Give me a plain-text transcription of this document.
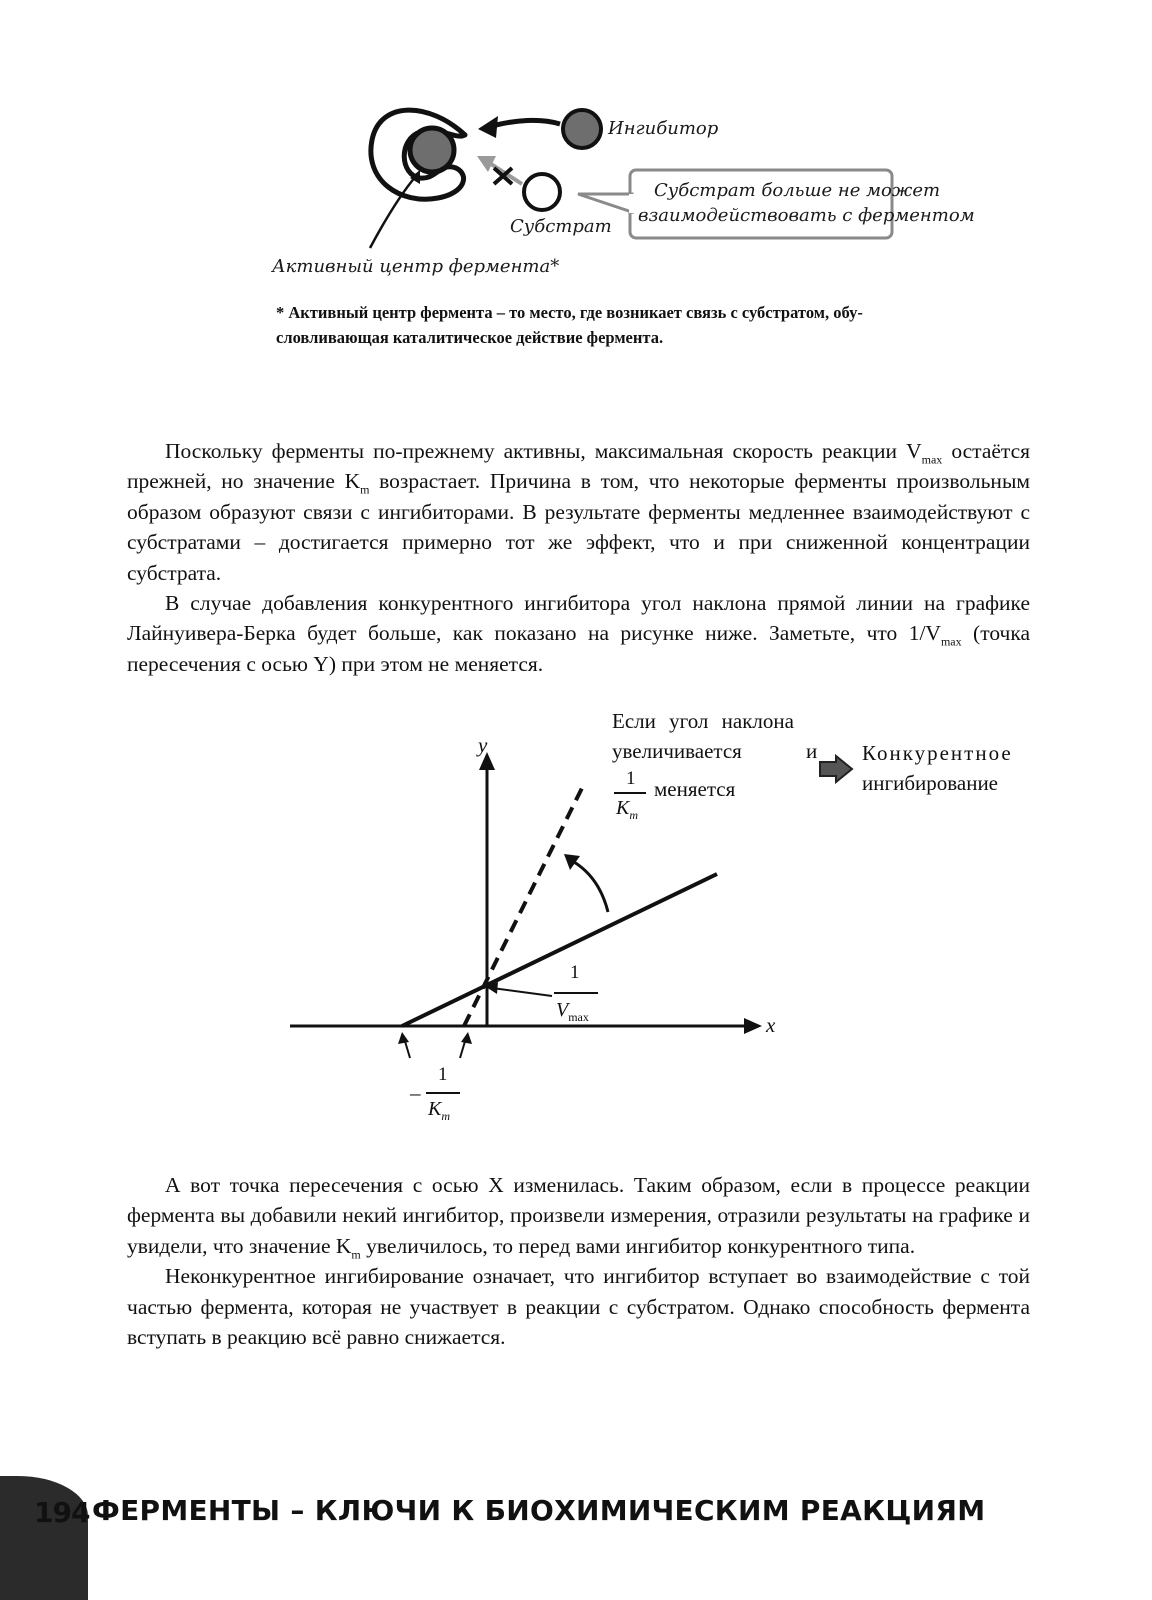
Ингибитор
Субстрат
Субстрат больше не может
взаимодействовать с ферментом
Активный центр фермента*
* Активный центр фермента – то место, где возникает связь с субстратом, обу-
словливающая каталитическое действие фермента.

Поскольку ферменты по-прежнему активны, максимальная скорость реакции $V_{max}$ остаётся прежней, но значение $K_m$ возрастает. Причина в том, что некоторые ферменты произвольным образом образуют связи с ингибиторами. В результате ферменты медленнее взаимодействуют с субстратами – достигается примерно тот же эффект, что и при сниженной концентрации субстрата.

В случае добавления конкурентного ингибитора угол наклона прямой линии на графике Лайнуивера-Берка будет больше, как показано на рисунке ниже. Заметьте, что $1/V_{max}$ (точка пересечения с осью Y) при этом не меняется.

y
x
Если угол наклона
увеличивается	и
1
$K_m$
меняется
Конкурентное
ингибирование
1
$V_{max}$
–
1
$K_m$

А вот точка пересечения с осью X изменилась. Таким образом, если в процессе реакции фермента вы добавили некий ингибитор, произвели измерения, отразили результаты на графике и увидели, что значение $K_m$ увеличилось, то перед вами ингибитор конкурентного типа.

Неконкурентное ингибирование означает, что ингибитор вступает во взаимодействие с той частью фермента, которая не участвует в реакции с субстратом. Однако способность фермента вступать в реакцию всё равно снижается.

194 ФЕРМЕНТЫ – КЛЮЧИ К БИОХИМИЧЕСКИМ РЕАКЦИЯМ
